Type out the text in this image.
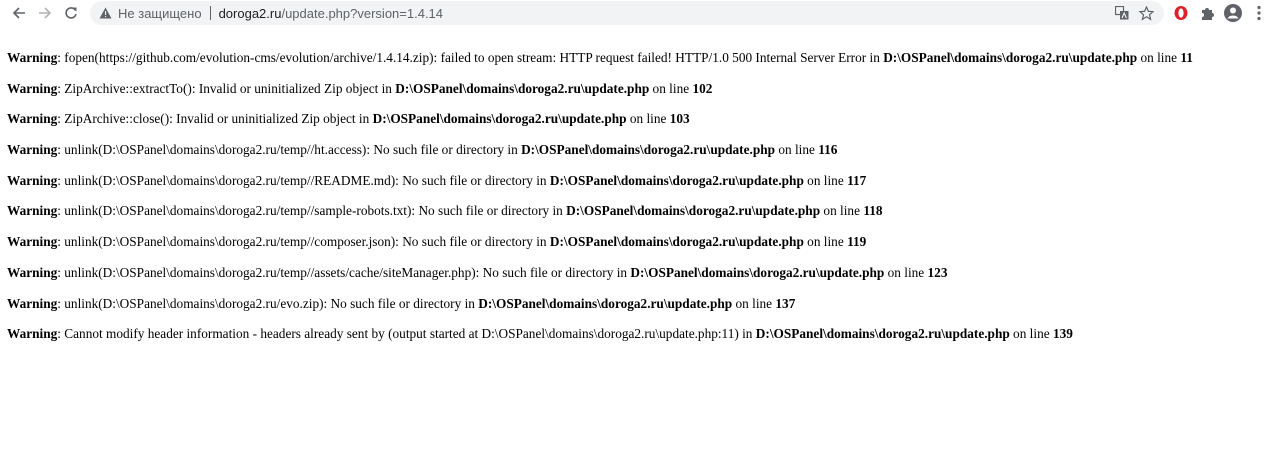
Не защищено doroga2.ru /update.php?version=1.4.14
Warning: fopen(https://github.com/evolution-cms/evolution/archive/1.4.14.zip): failed to open stream: HTTP request failed! HTTP/1.0 500 Internal Server Error in D:\OSPanel\domains\doroga2.ru\update.php on line 11
Warning: ZipArchive::extractTo(): Invalid or uninitialized Zip object in D:\OSPanel\domains\doroga2.ru\update.php on line 102
Warning: ZipArchive::close(): Invalid or uninitialized Zip object in D:\OSPanel\domains\doroga2.ru\update.php on line 103
Warning: unlink(D:\OSPanel\domains\doroga2.ru/temp//ht.access): No such file or directory in D:\OSPanel\domains\doroga2.ru\update.php on line 116
Warning: unlink(D:\OSPanel\domains\doroga2.ru/temp//README.md): No such file or directory in D:\OSPanel\domains\doroga2.ru\update.php on line 117
Warning: unlink(D:\OSPanel\domains\doroga2.ru/temp//sample-robots.txt): No such file or directory in D:\OSPanel\domains\doroga2.ru\update.php on line 118
Warning: unlink(D:\OSPanel\domains\doroga2.ru/temp//composer.json): No such file or directory in D:\OSPanel\domains\doroga2.ru\update.php on line 119
Warning: unlink(D:\OSPanel\domains\doroga2.ru/temp//assets/cache/siteManager.php): No such file or directory in D:\OSPanel\domains\doroga2.ru\update.php on line 123
Warning: unlink(D:\OSPanel\domains\doroga2.ru/evo.zip): No such file or directory in D:\OSPanel\domains\doroga2.ru\update.php on line 137
Warning: Cannot modify header information - headers already sent by (output started at D:\OSPanel\domains\doroga2.ru\update.php:11) in D:\OSPanel\domains\doroga2.ru\update.php on line 139
